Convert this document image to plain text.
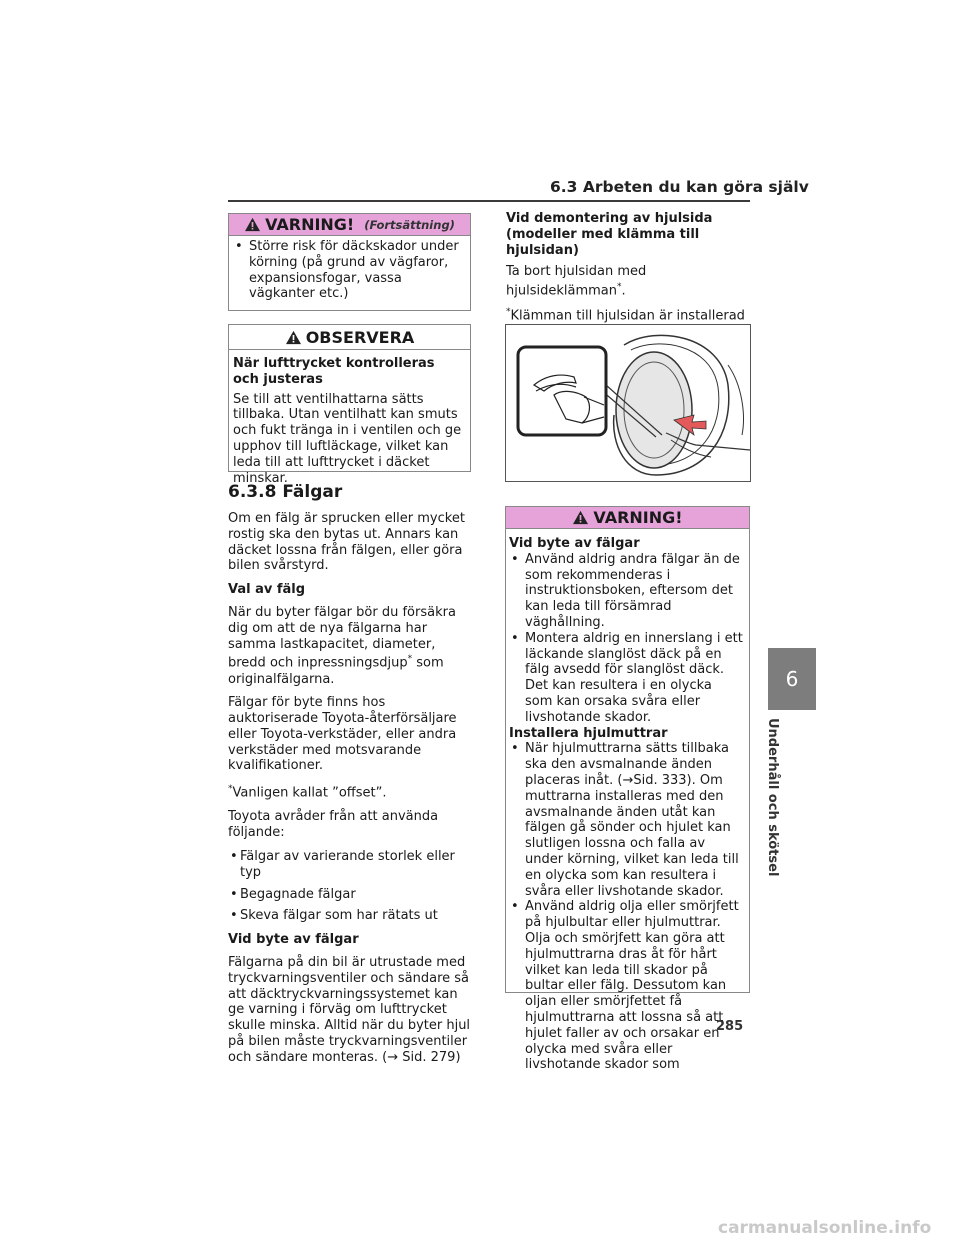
6.3 Arbeten du kan göra själv
VARNING! (Fortsättning)

• Större risk för däckskador under körning (på grund av vägfaror, expansionsfogar, vassa vägkanter etc.)

OBSERVERA

När lufttrycket kontrolleras och justeras

Se till att ventilhattarna sätts tillbaka. Utan ventilhatt kan smuts och fukt tränga in i ventilen och ge upphov till luftläckage, vilket kan leda till att lufttrycket i däcket minskar.

6.3.8 Fälgar

Om en fälg är sprucken eller mycket rostig ska den bytas ut. Annars kan däcket lossna från fälgen, eller göra bilen svårstyrd.

Val av fälg

När du byter fälgar bör du försäkra dig om att de nya fälgarna har samma lastkapacitet, diameter, bredd och inpressningsdjup* som originalfälgarna.

Fälgar för byte finns hos auktoriserade Toyota-återförsäljare eller Toyota-verkstäder, eller andra verkstäder med motsvarande kvalifikationer.

*Vanligen kallat ”offset”.

Toyota avråder från att använda följande:

• Fälgar av varierande storlek eller typ

• Begagnade fälgar

• Skeva fälgar som har rätats ut

Vid byte av fälgar

Fälgarna på din bil är utrustade med tryckvarningsventiler och sändare så att däcktryckvarningssystemet kan ge varning i förväg om lufttrycket skulle minska. Alltid när du byter hjul på bilen måste tryckvarningsventiler och sändare monteras. (→ Sid. 279)

Vid demontering av hjulsida (modeller med klämma till hjulsidan)

Ta bort hjulsidan med hjulsideklämman*.

*Klämman till hjulsidan är installerad

VARNING!

Vid byte av fälgar

• Använd aldrig andra fälgar än de som rekommenderas i instruktionsboken, eftersom det kan leda till försämrad väghållning.

• Montera aldrig en innerslang i ett läckande slanglöst däck på en fälg avsedd för slanglöst däck. Det kan resultera i en olycka som kan orsaka svåra eller livshotande skador.

Installera hjulmuttrar

• När hjulmuttrarna sätts tillbaka ska den avsmalnande änden placeras inåt. (→Sid. 333). Om muttrarna installeras med den avsmalnande änden utåt kan fälgen gå sönder och hjulet kan slutligen lossna och falla av under körning, vilket kan leda till en olycka som kan resultera i svåra eller livshotande skador.

• Använd aldrig olja eller smörjfett på hjulbultar eller hjulmuttrar. Olja och smörjfett kan göra att hjulmuttrarna dras åt för hårt vilket kan leda till skador på bultar eller fälg. Dessutom kan oljan eller smörjfettet få hjulmuttrarna att lossna så att hjulet faller av och orsakar en olycka med svåra eller livshotande skador som

6
Underhåll och skötsel
285
carmanualsonline.info
